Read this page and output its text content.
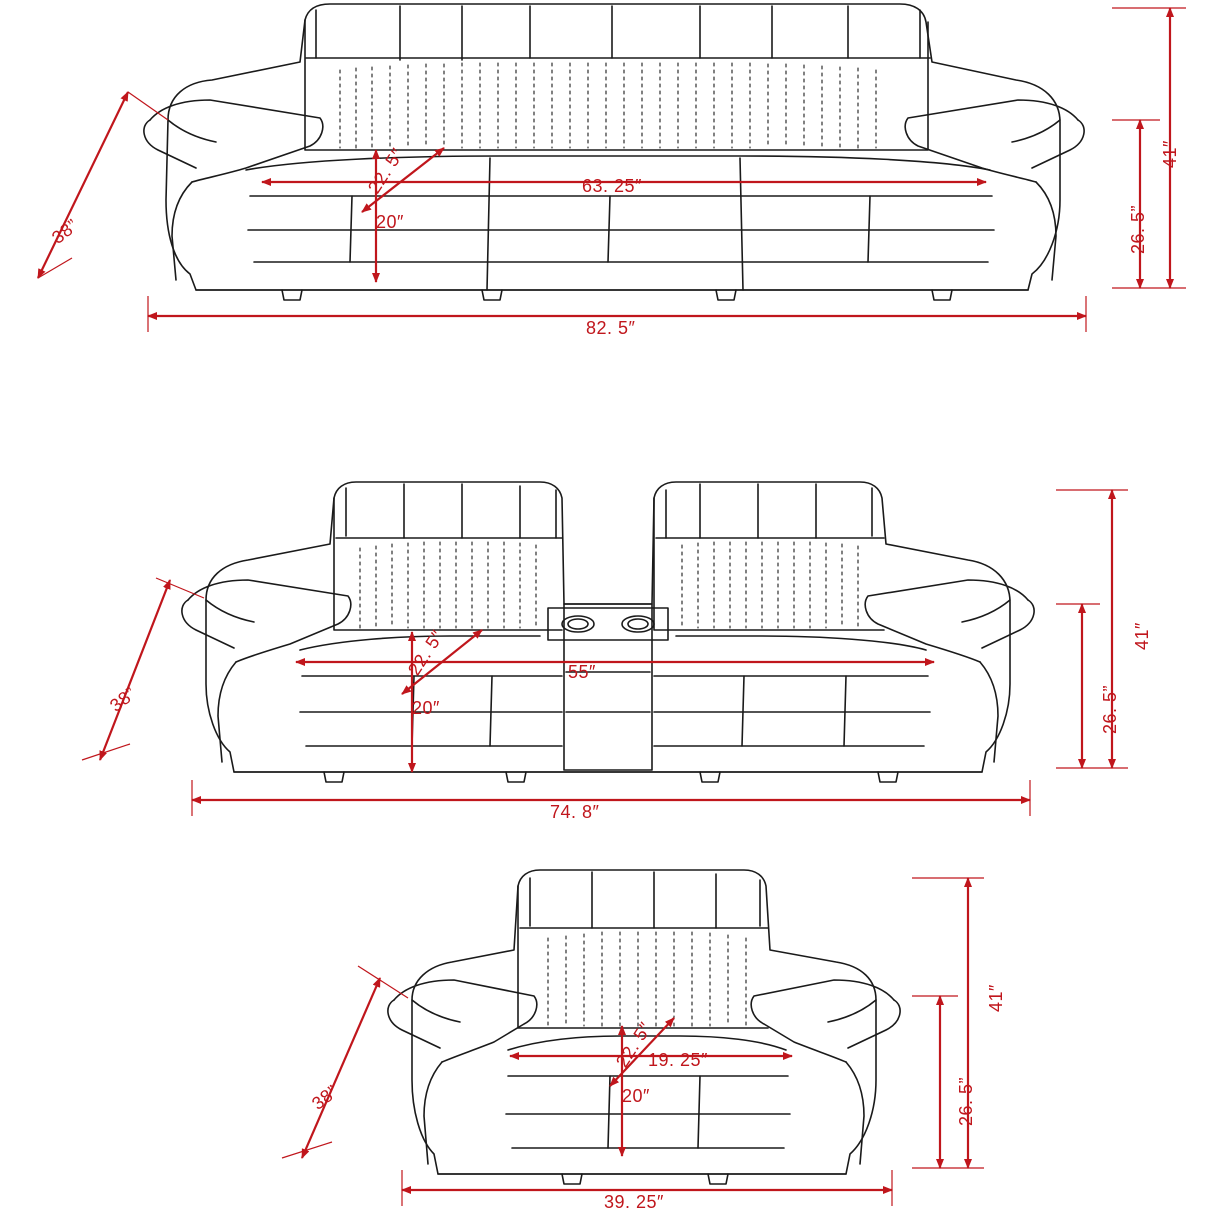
38”
41″
26. 5”
63. 25″
22. 5″
20″
82. 5″
38”
41″
26. 5”
55″
22. 5″
20″
74. 8″
38”
41″
26. 5”
19. 25″
22. 5″
20″
39. 25″
